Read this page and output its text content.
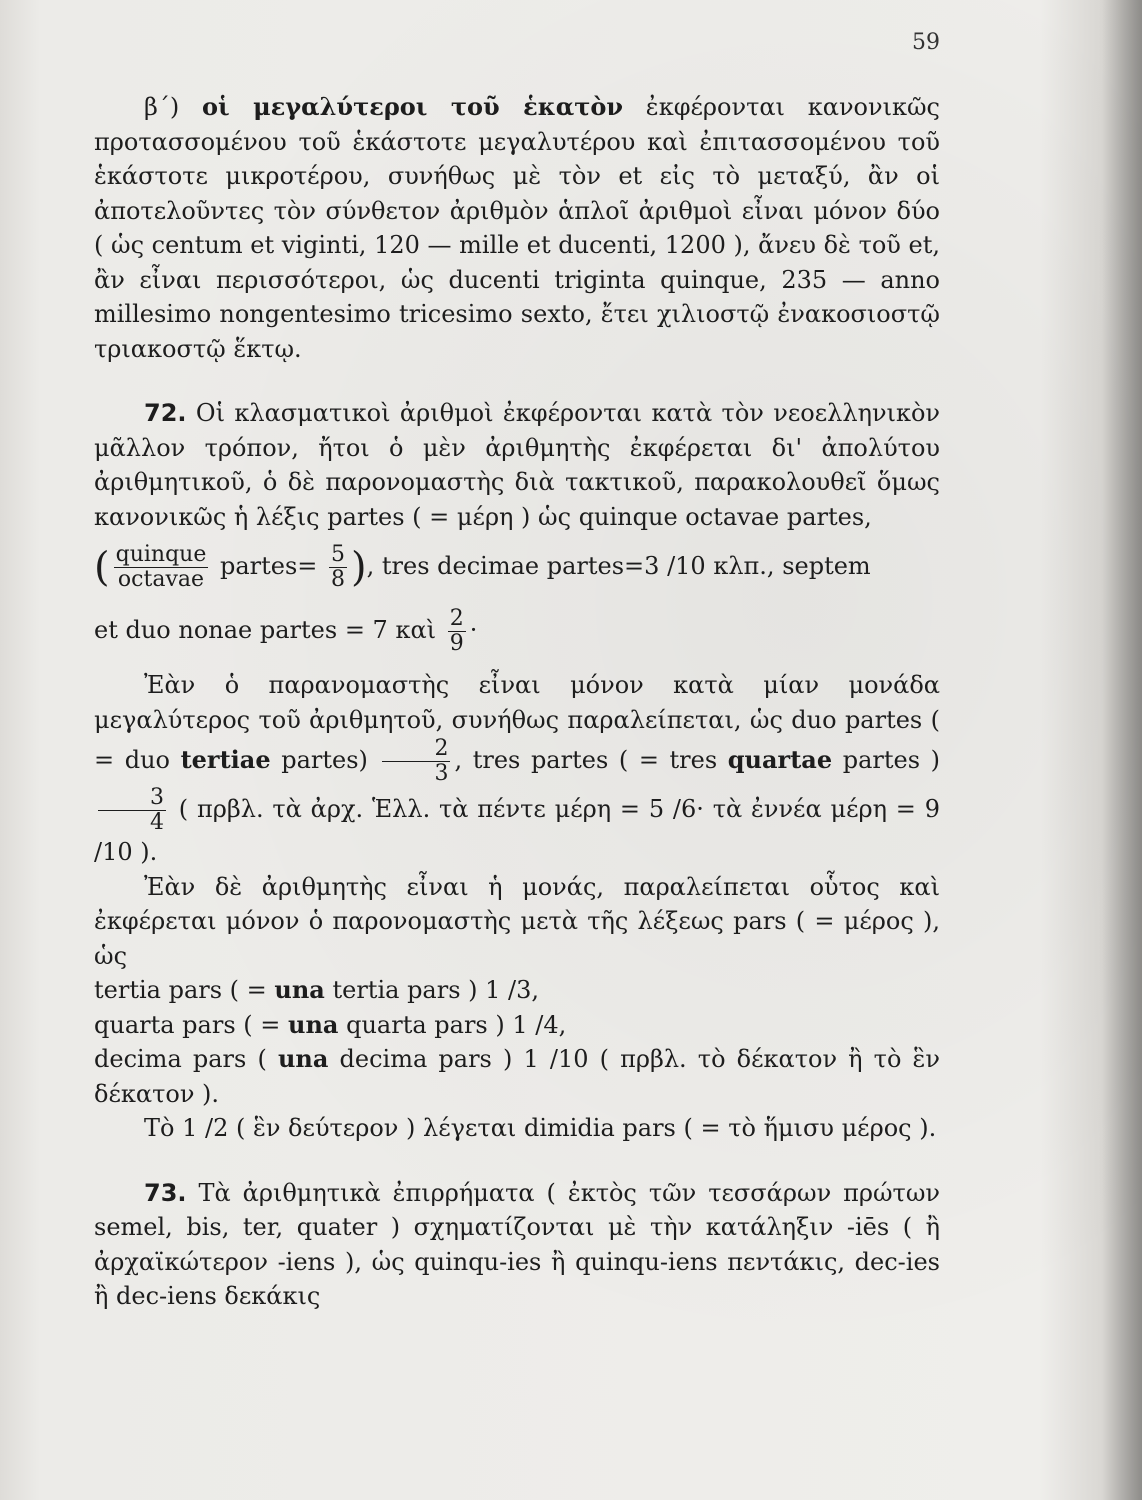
59

β΄) οἱ μεγαλύτεροι τοῦ ἑκατὸν ἐκφέρονται κανονικῶς προτασσομένου τοῦ ἑκάστοτε μεγαλυτέρου καὶ ἐπιτασσομένου τοῦ ἑκάστοτε μικροτέρου, συνήθως μὲ τὸν et εἰς τὸ μεταξύ, ἂν οἱ ἀποτελοῦντες τὸν σύνθετον ἀριθμὸν ἁπλοῖ ἀριθμοὶ εἶναι μόνον δύο ( ὡς centum et viginti, 120 — mille et ducenti, 1200 ), ἄνευ δὲ τοῦ et, ἂν εἶναι περισσότεροι, ὡς ducenti triginta quinque, 235 — anno millesimo nongentesimo tricesimo sexto, ἔτει χιλιοστῷ ἐνακοσιοστῷ τριακοστῷ ἕκτῳ.

72. Οἱ κλασματικοὶ ἀριθμοὶ ἐκφέρονται κατὰ τὸν νεοελληνικὸν μᾶλλον τρόπον, ἤτοι ὁ μὲν ἀριθμητὴς ἐκφέρεται δι' ἀπολύτου ἀριθμητικοῦ, ὁ δὲ παρονομαστὴς διὰ τακτικοῦ, παρακολουθεῖ ὅμως κανονικῶς ἡ λέξις partes ( = μέρη ) ὡς quinque octavae partes,

( $\frac{\text{quinque}}{\text{octavae}}$ partes= $\frac{5}{8}$ ), tres decimae partes=3 /10 κλπ., septem

et duo nonae partes = 7 καὶ $\frac{2}{9}$ ·

Ἐὰν ὁ παρανομαστὴς εἶναι μόνον κατὰ μίαν μονάδα μεγαλύτερος τοῦ ἀριθμητοῦ, συνήθως παραλείπεται, ὡς duo partes ( = duo tertiae partes) $\frac{2}{3}$ , tres partes ( = tres quartae partes )
$\frac{3}{4}$ ( πρβλ. τὰ ἀρχ. Ἑλλ. τὰ πέντε μέρη = 5 /6· τὰ ἐννέα μέρη = 9 /10 ).

Ἐὰν δὲ ἀριθμητὴς εἶναι ἡ μονάς, παραλείπεται οὗτος καὶ ἐκφέρεται μόνον ὁ παρονομαστὴς μετὰ τῆς λέξεως pars ( = μέρος ), ὡς

tertia pars ( = una tertia pars ) 1 /3,

quarta pars ( = una quarta pars ) 1 /4,

decima pars ( una decima pars ) 1 /10 ( πρβλ. τὸ δέκατον ἢ τὸ ἓν δέκατον ).

Τὸ 1 /2 ( ἓν δεύτερον ) λέγεται dimidia pars ( = τὸ ἥμισυ μέρος ).

73. Τὰ ἀριθμητικὰ ἐπιρρήματα ( ἐκτὸς τῶν τεσσάρων πρώτων semel, bis, ter, quater ) σχηματίζονται μὲ τὴν κατάληξιν -iēs ( ἢ ἀρχαϊκώτερον -iens ), ὡς quinqu-ies ἢ quinqu-iens πεντάκις, dec-ies ἢ dec-iens δεκάκις
